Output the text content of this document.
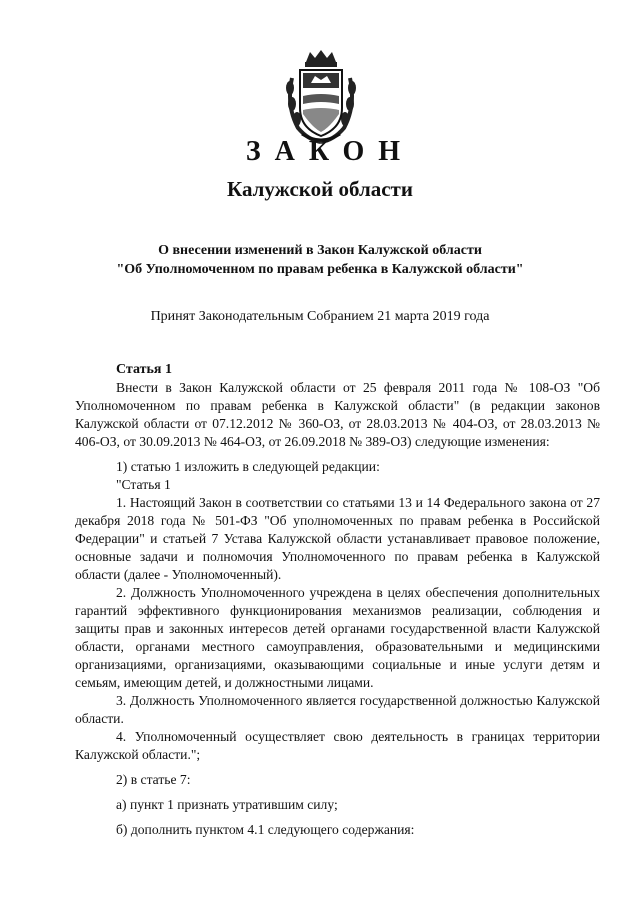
ЗАКОН
Калужской области
О внесении изменений в Закон Калужской области
"Об Уполномоченном по правам ребенка в Калужской области"
Принят Законодательным Собранием 21 марта 2019 года
Статья 1

Внести в Закон Калужской области от 25 февраля 2011 года № 108-ОЗ "Об Уполномоченном по правам ребенка в Калужской области" (в редакции законов Калужской области от 07.12.2012 № 360-ОЗ, от 28.03.2013 № 404-ОЗ, от 28.03.2013 № 406-ОЗ, от 30.09.2013 № 464-ОЗ, от 26.09.2018 № 389-ОЗ) следующие изменения:

1) статью 1 изложить в следующей редакции:

"Статья 1

1. Настоящий Закон в соответствии со статьями 13 и 14 Федерального закона от 27 декабря 2018 года № 501-ФЗ "Об уполномоченных по правам ребенка в Российской Федерации" и статьей 7 Устава Калужской области устанавливает правовое положение, основные задачи и полномочия Уполномоченного по правам ребенка в Калужской области (далее - Уполномоченный).

2. Должность Уполномоченного учреждена в целях обеспечения дополнительных гарантий эффективного функционирования механизмов реализации, соблюдения и защиты прав и законных интересов детей органами государственной власти Калужской области, органами местного самоуправления, образовательными и медицинскими организациями, организациями, оказывающими социальные и иные услуги детям и семьям, имеющим детей, и должностными лицами.

3. Должность Уполномоченного является государственной должностью Калужской области.

4. Уполномоченный осуществляет свою деятельность в границах территории Калужской области.";

2) в статье 7:

а) пункт 1 признать утратившим силу;

б) дополнить пунктом 4.1 следующего содержания:
